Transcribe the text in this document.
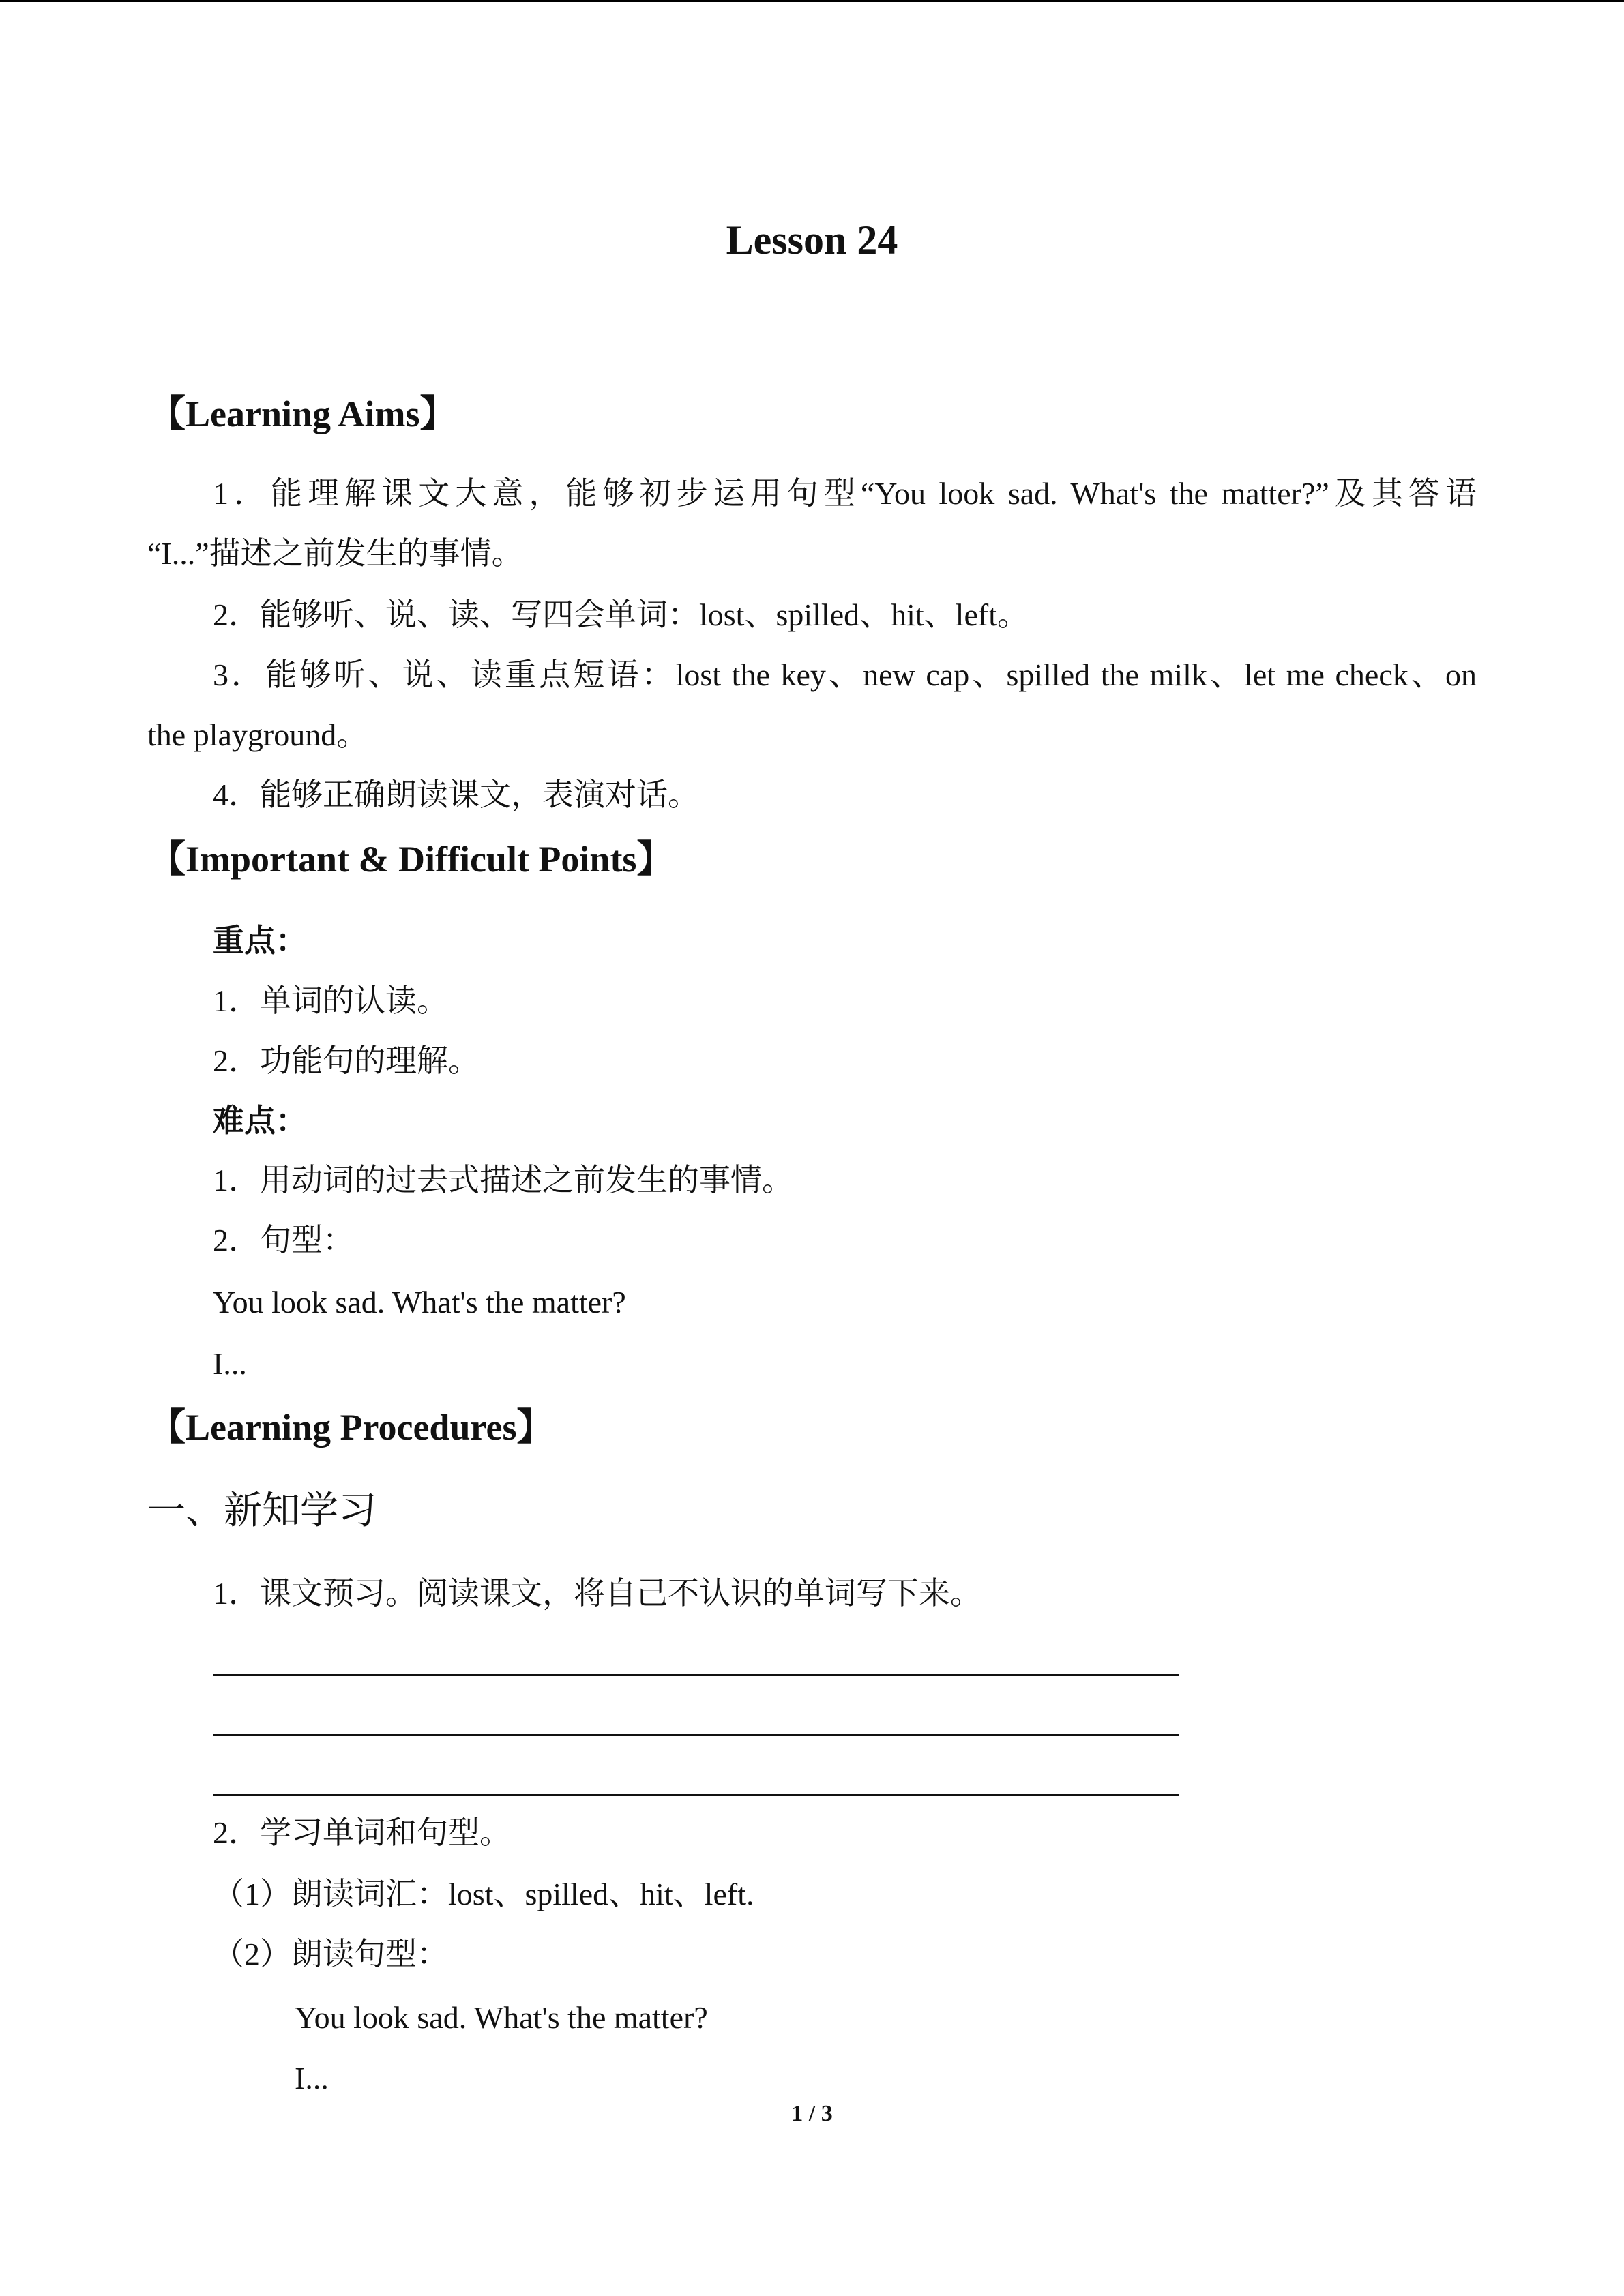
Lesson 24
【Learning Aims】
1．能理解课文大意，能够初步运用句型“You look sad. What's the matter?”及其答语
“I...”描述之前发生的事情。
2．能够听、说、读、写四会单词：lost、spilled、hit、left。
3．能够听、说、读重点短语：lost the key、new cap、spilled the milk、let me check、on
the playground。
4．能够正确朗读课文，表演对话。
【Important & Difficult Points】
重点：
1．单词的认读。
2．功能句的理解。
难点：
1．用动词的过去式描述之前发生的事情。
2．句型：
You look sad. What's the matter?
I...
【Learning Procedures】
一、新知学习
1．课文预习。阅读课文，将自己不认识的单词写下来。
2．学习单词和句型。
（1）朗读词汇：lost、spilled、hit、left.
（2）朗读句型：
You look sad. What's the matter?
I...
1 / 3
